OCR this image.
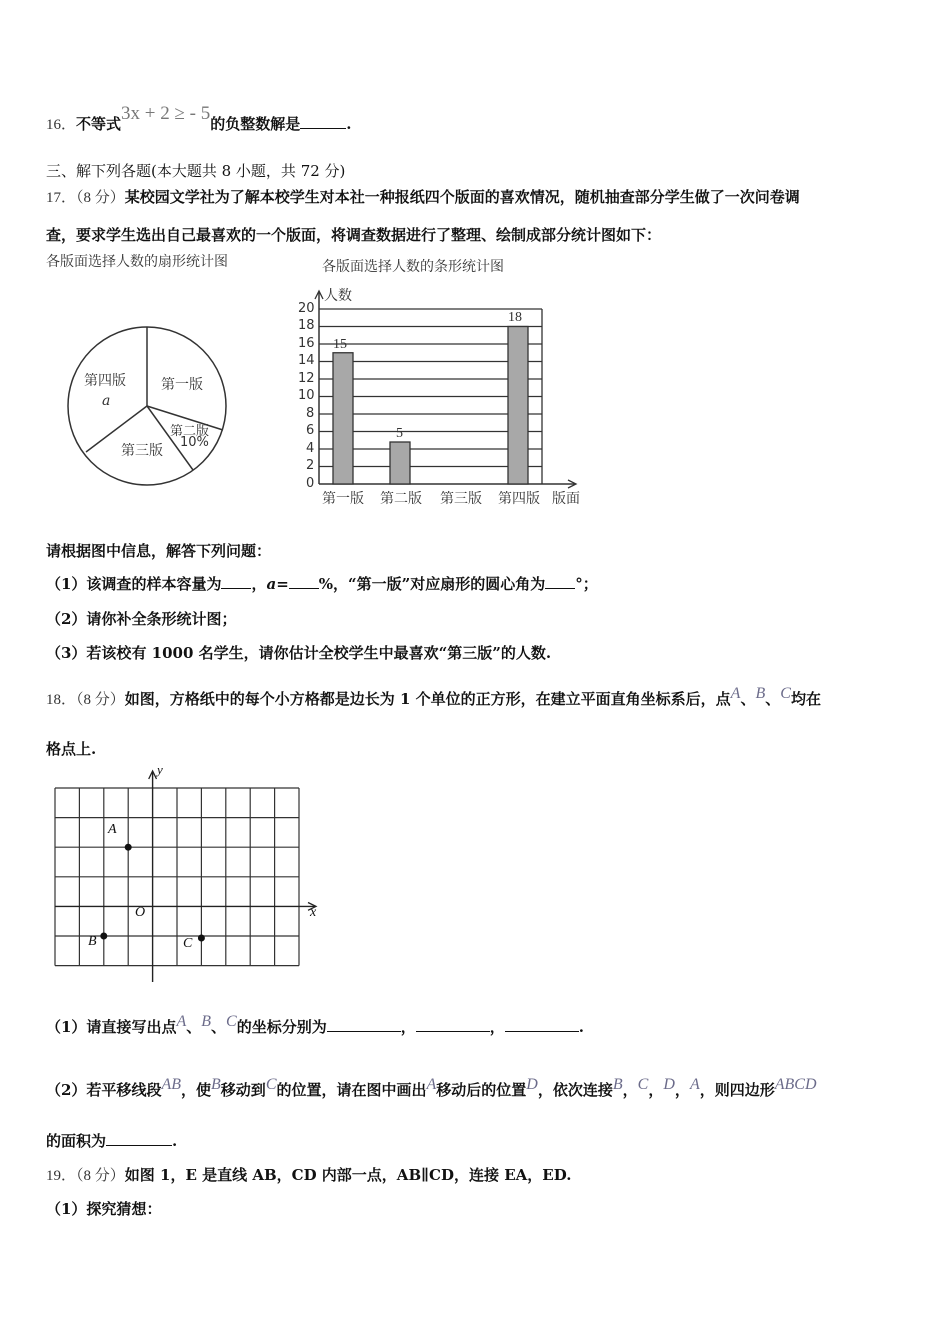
16．不等式3x + 2 ≥ - 5的负整数解是	.
三、解下列各题(本大题共 8 小题，共 72 分)
17．（8 分）某校园文学社为了解本校学生对本社一种报纸四个版面的喜欢情况，随机抽查部分学生做了一次问卷调
查，要求学生选出自己最喜欢的一个版面，将调查数据进行了整理、绘制成部分统计图如下：
各版面选择人数的扇形统计图
第四版
a
第一版
第二版
10%
第三版
各版面选择人数的条形统计图
人数
20
18
16
14
12
10
8
6
4
2
0
15
5
18
第一版 第二版 第三版 第四版 版面
请根据图中信息，解答下列问题：
（1）该调查的样本容量为 ，a= %，“第一版”对应扇形的圆心角为 °；
（2）请你补全条形统计图；
（3）若该校有 1000 名学生，请你估计全校学生中最喜欢“第三版”的人数.
18．（8 分）如图，方格纸中的每个小方格都是边长为 1 个单位的正方形，在建立平面直角坐标系后，点A、B、C均在
格点上.
y
x
O
A
B	C
（1）请直接写出点A、B、C的坐标分别为	，	，	.
（2）若平移线段AB，使B移动到C的位置，请在图中画出A移动后的位置D，依次连接B，C，D，A，则四边形ABCD
的面积为	.
19．（8 分）如图 1，E 是直线 AB，CD 内部一点，AB∥CD，连接 EA，ED.
（1）探究猜想：
